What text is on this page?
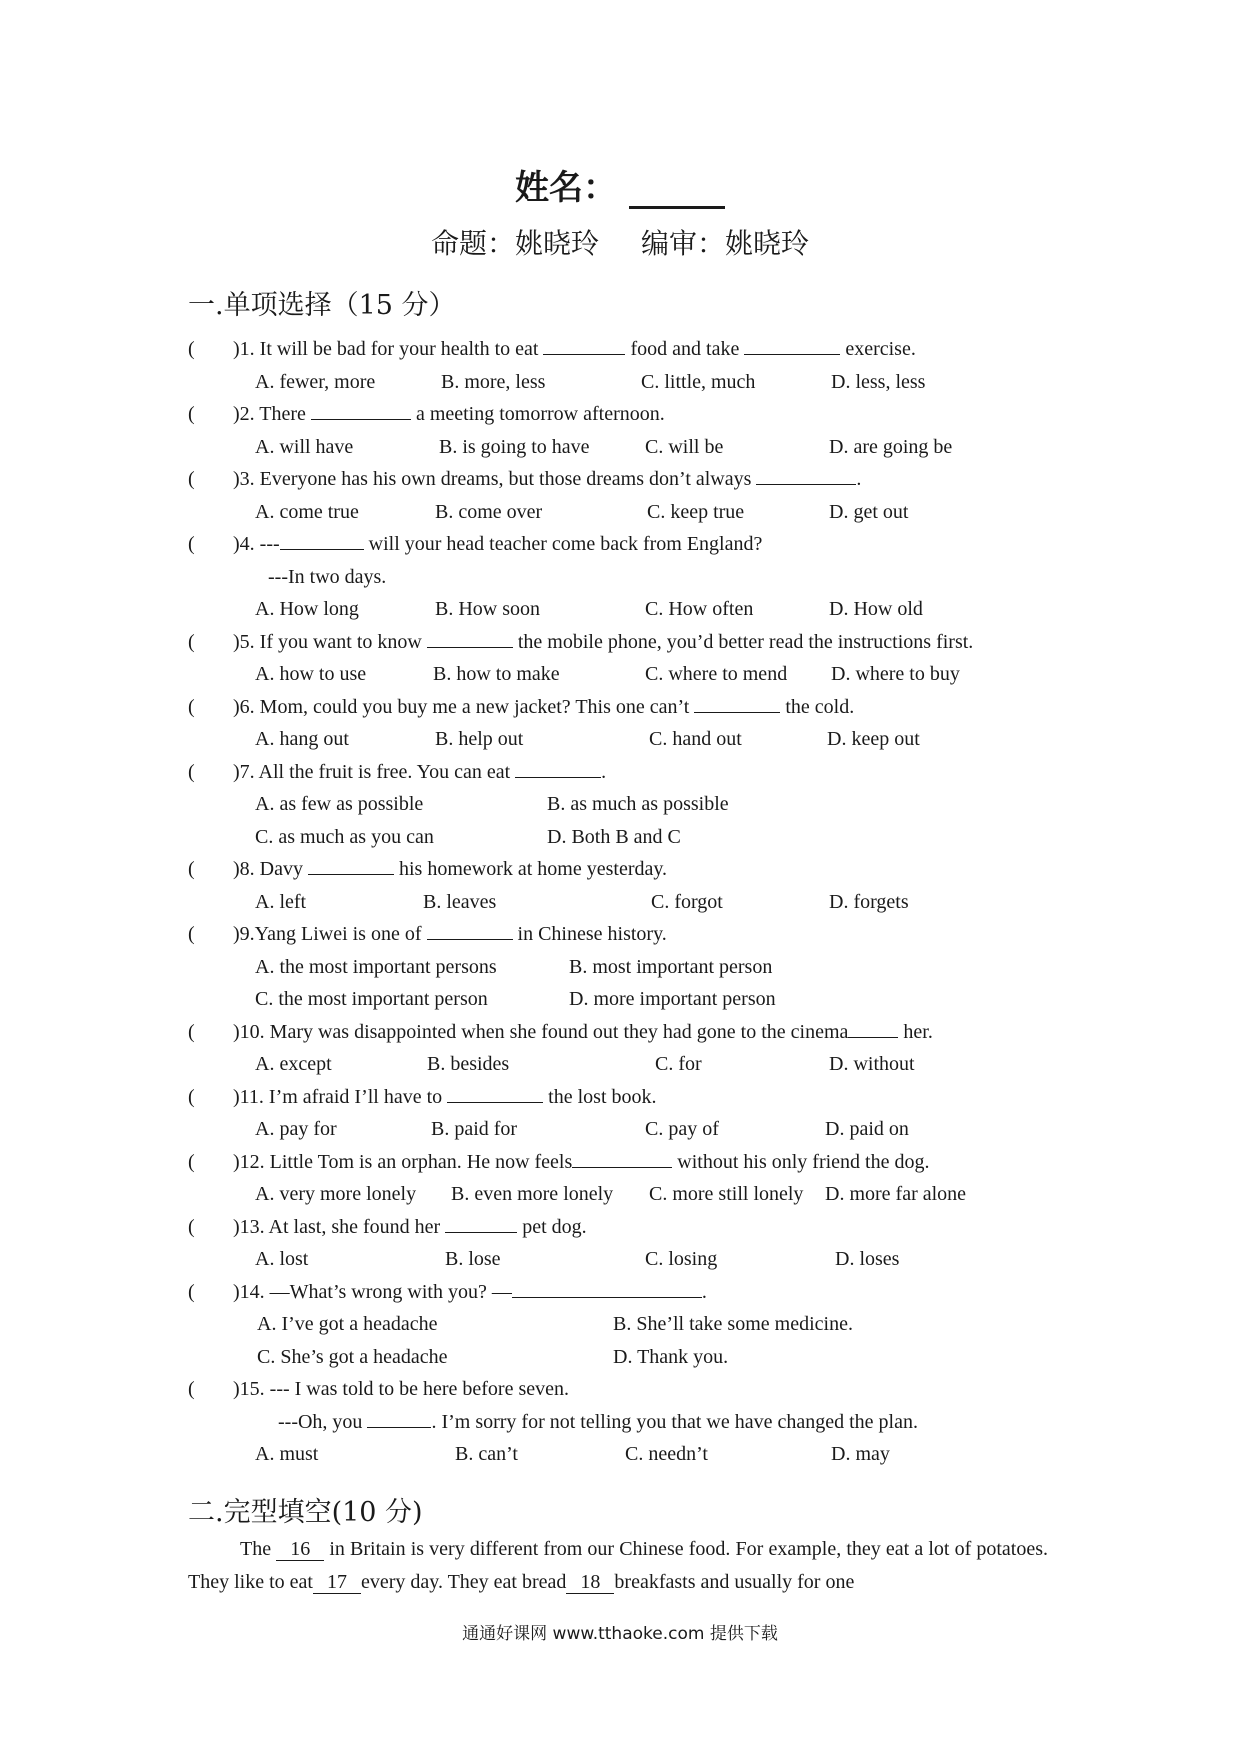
姓名：
命题：姚晓玲 编审：姚晓玲
一.单项选择（15 分）
( )1. It will be bad for your health to eat	food and take	exercise.
A. fewer, more	B. more, less	C. little, much	D. less, less
( )2. There	a meeting tomorrow afternoon.
A. will have	B. is going to have	C. will be	D. are going be
( )3. Everyone has his own dreams, but those dreams don’t always	.
A. come true	B. come over	C. keep true	D. get out
( )4. ---	will your head teacher come back from England?
---In two days.
A. How long	B. How soon	C. How often	D. How old
( )5. If you want to know	the mobile phone, you’d better read the instructions first.
A. how to use	B. how to make	C. where to mend D. where to buy
( )6. Mom, could you buy me a new jacket? This one can’t	the cold.
A. hang out	B. help out	C. hand out	D. keep out
( )7. All the fruit is free. You can eat	.
A. as few as possible	B. as much as possible
C. as much as you can	D. Both B and C
( )8. Davy	his homework at home yesterday.
A. left	B. leaves	C. forgot	D. forgets
( )9.Yang Liwei is one of	in Chinese history.
A. the most important persons	B. most important person
C. the most important person	D. more important person
( )10. Mary was disappointed when she found out they had gone to the cinema	her.
A. except	B. besides	C. for	D. without
( )11. I’m afraid I’ll have to	the lost book.
A. pay for	B. paid for	C. pay of	D. paid on
( )12. Little Tom is an orphan. He now feels	without his only friend the dog.
A. very more lonely B. even more lonely C. more still lonely D. more far alone
( )13. At last, she found her	pet dog.
A. lost	B. lose	C. losing	D. loses
( )14. —What’s wrong with you? —	.
A. I’ve got a headache	B. She’ll take some medicine.
C. She’s got a headache	D. Thank you.
( )15. --- I was told to be here before seven.
---Oh, you	. I’m sorry for not telling you that we have changed the plan.
A. must	B. can’t	C. needn’t	D. may
二.完型填空(10 分)
The 16 in Britain is very different from our Chinese food. For example, they eat a lot of potatoes. They like to eat 17 every day. They eat bread 18 breakfasts and usually for one
通通好课网 www.tthaoke.com 提供下载
